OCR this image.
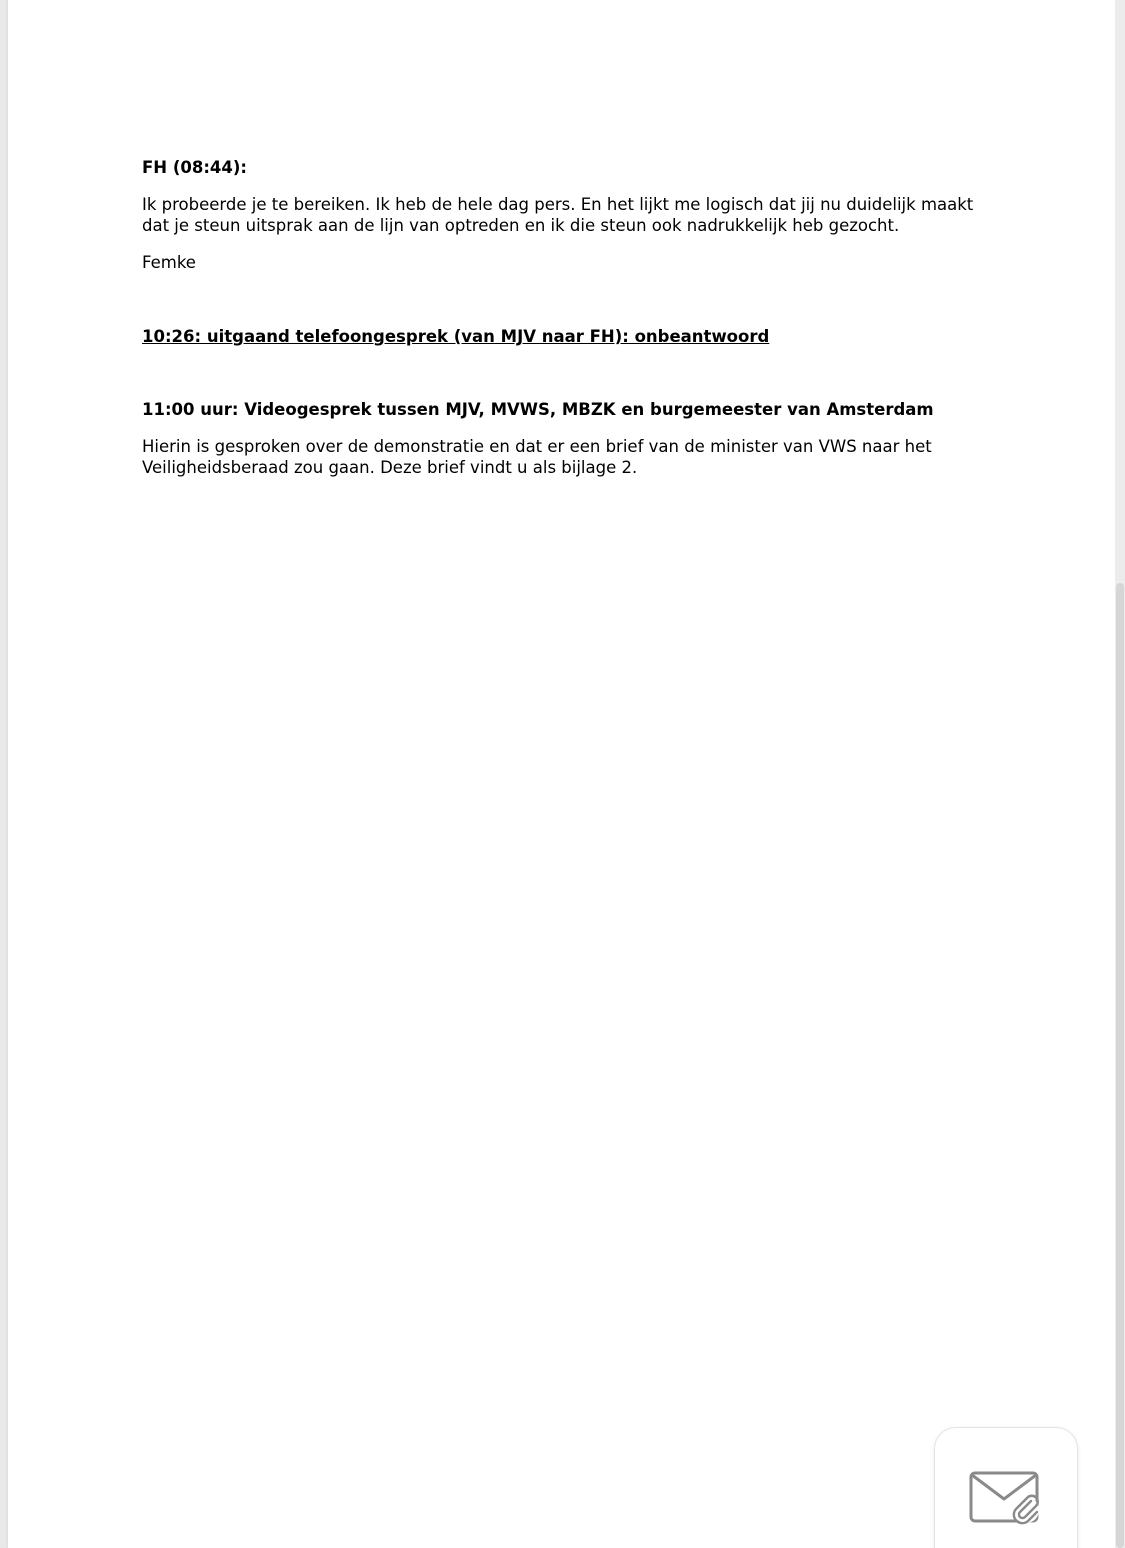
FH (08:44):

Ik probeerde je te bereiken. Ik heb de hele dag pers. En het lijkt me logisch dat jij nu duidelijk maakt dat je steun uitsprak aan de lijn van optreden en ik die steun ook nadrukkelijk heb gezocht.

Femke

10:26: uitgaand telefoongesprek (van MJV naar FH): onbeantwoord

11:00 uur: Videogesprek tussen MJV, MVWS, MBZK en burgemeester van Amsterdam

Hierin is gesproken over de demonstratie en dat er een brief van de minister van VWS naar het Veiligheidsberaad zou gaan. Deze brief vindt u als bijlage 2.
